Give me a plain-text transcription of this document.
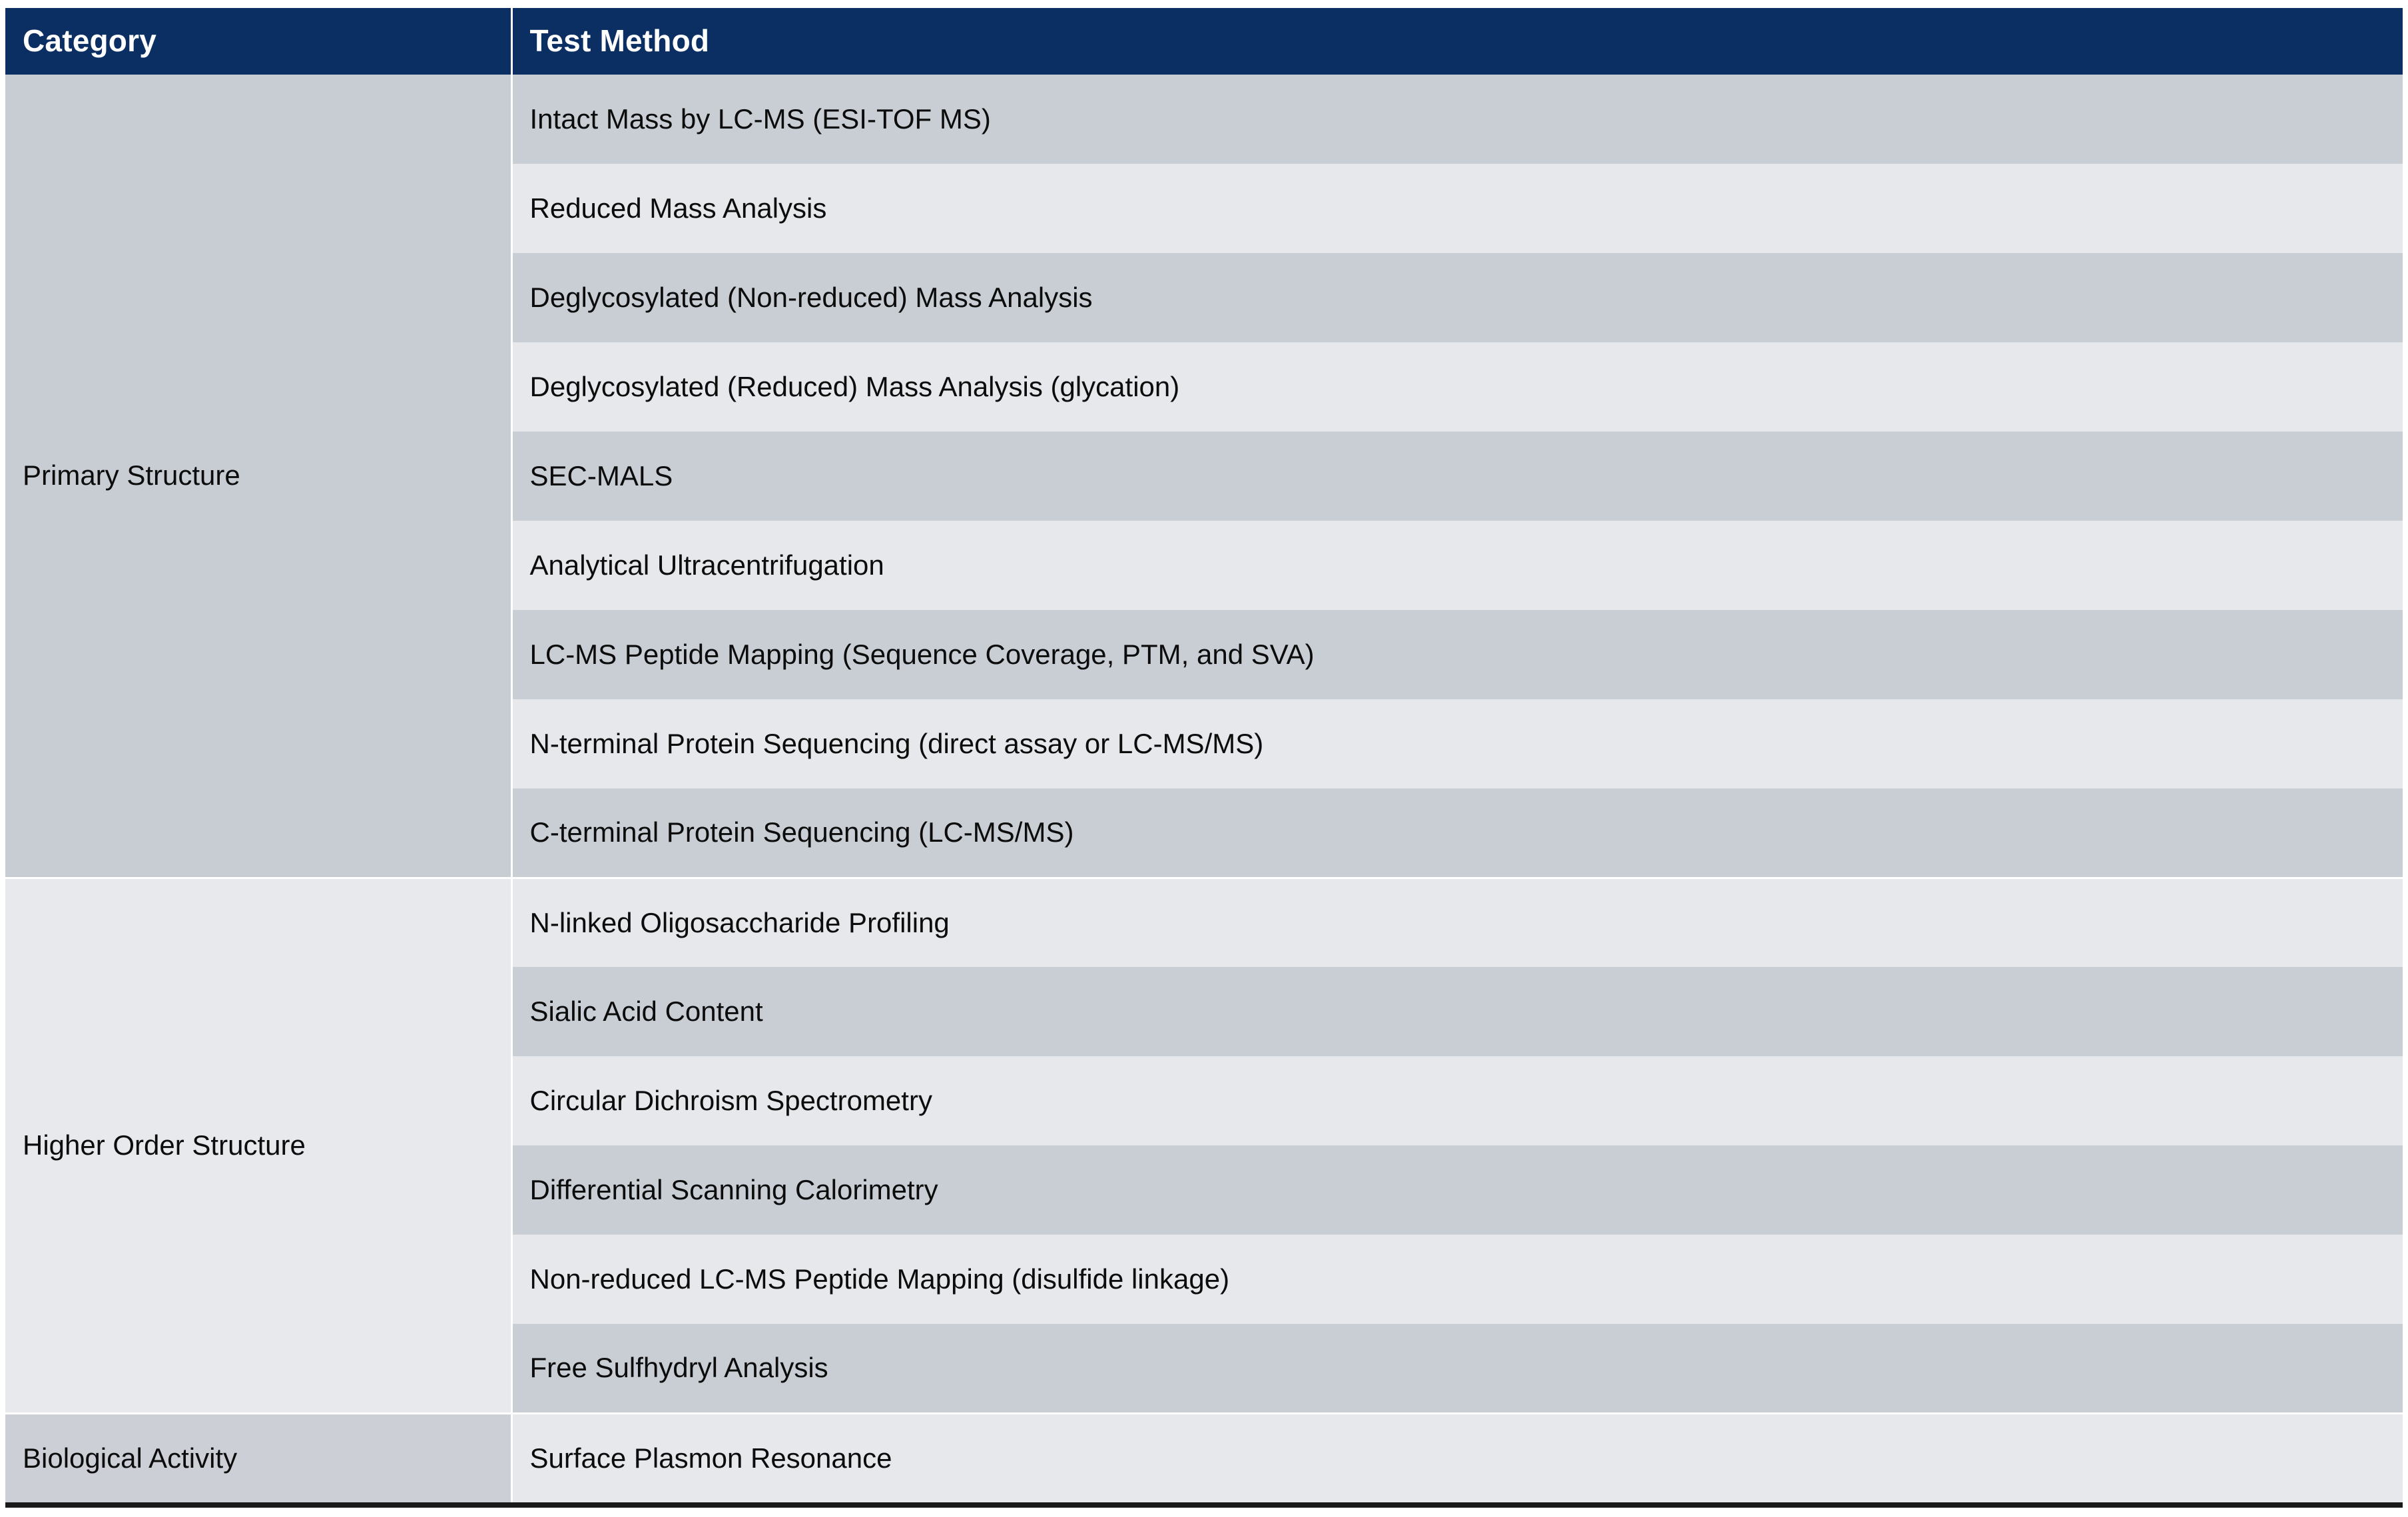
Category	Test Method
Primary Structure	Intact Mass by LC-MS (ESI-TOF MS)
	Reduced Mass Analysis
	Deglycosylated (Non-reduced) Mass Analysis
	Deglycosylated (Reduced) Mass Analysis (glycation)
	SEC-MALS
	Analytical Ultracentrifugation
	LC-MS Peptide Mapping (Sequence Coverage, PTM, and SVA)
	N-terminal Protein Sequencing (direct assay or LC-MS/MS)
	C-terminal Protein Sequencing (LC-MS/MS)
Higher Order Structure	N-linked Oligosaccharide Profiling
	Sialic Acid Content
	Circular Dichroism Spectrometry
	Differential Scanning Calorimetry
	Non-reduced LC-MS Peptide Mapping (disulfide linkage)
	Free Sulfhydryl Analysis
Biological Activity	Surface Plasmon Resonance
